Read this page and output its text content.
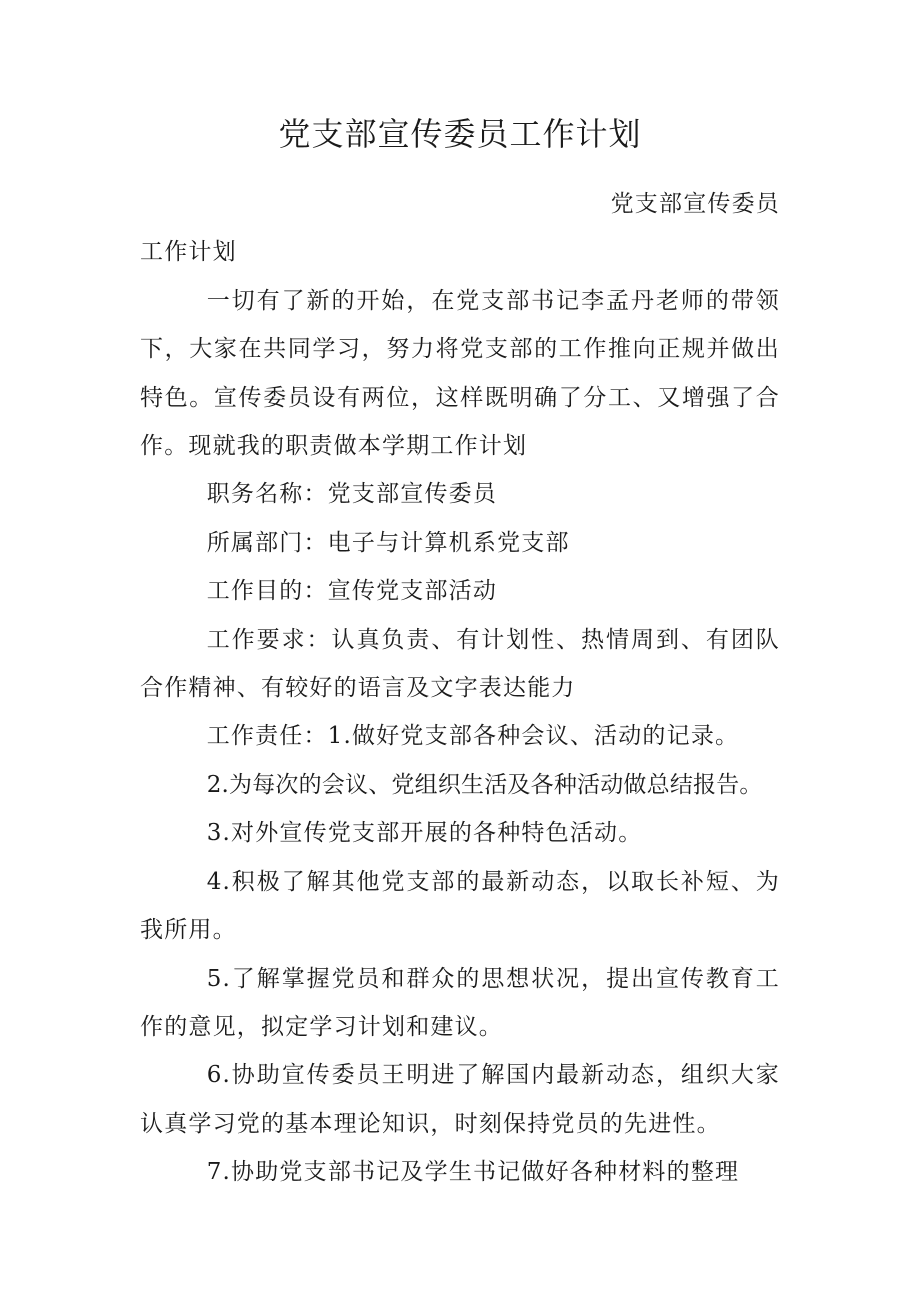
党支部宣传委员工作计划

党支部宣传委员

工作计划

一切有了新的开始，在党支部书记李孟丹老师的带领下，大家在共同学习，努力将党支部的工作推向正规并做出特色。宣传委员设有两位，这样既明确了分工、又增强了合作。现就我的职责做本学期工作计划

职务名称：党支部宣传委员

所属部门：电子与计算机系党支部

工作目的：宣传党支部活动

工作要求：认真负责、有计划性、热情周到、有团队合作精神、有较好的语言及文字表达能力

工作责任：1.做好党支部各种会议、活动的记录。

2.为每次的会议、党组织生活及各种活动做总结报告。

3.对外宣传党支部开展的各种特色活动。

4.积极了解其他党支部的最新动态，以取长补短、为我所用。

5.了解掌握党员和群众的思想状况，提出宣传教育工作的意见，拟定学习计划和建议。

6.协助宣传委员王明进了解国内最新动态，组织大家认真学习党的基本理论知识，时刻保持党员的先进性。

7.协助党支部书记及学生书记做好各种材料的整理
